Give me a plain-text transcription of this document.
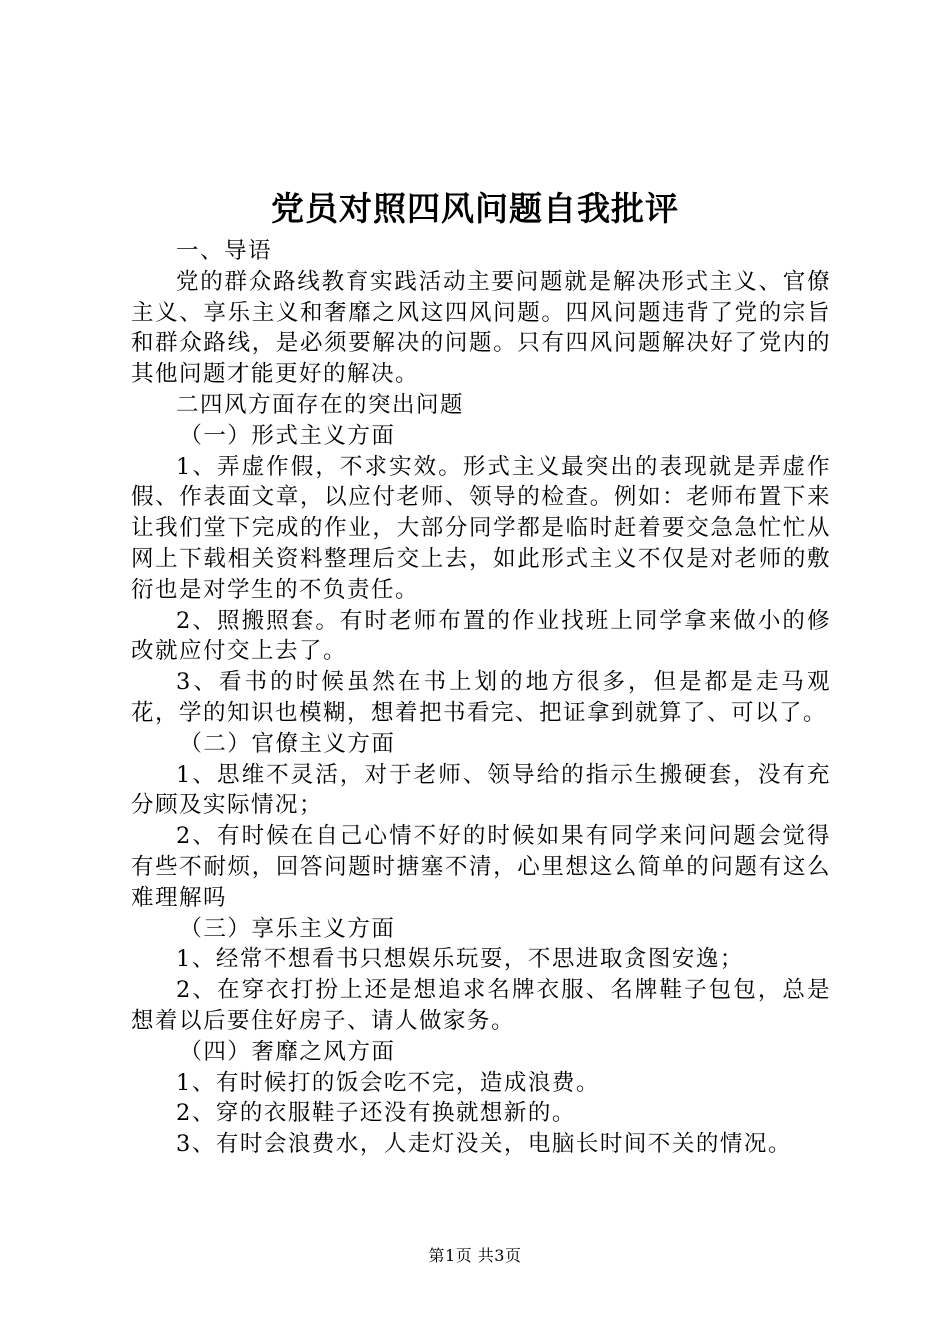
党员对照四风问题自我批评

一、导语

党的群众路线教育实践活动主要问题就是解决形式主义、官僚主义、享乐主义和奢靡之风这四风问题。四风问题违背了党的宗旨和群众路线，是必须要解决的问题。只有四风问题解决好了党内的其他问题才能更好的解决。

二四风方面存在的突出问题

（一）形式主义方面

1、弄虚作假，不求实效。形式主义最突出的表现就是弄虚作假、作表面文章，以应付老师、领导的检查。例如：老师布置下来让我们堂下完成的作业，大部分同学都是临时赶着要交急急忙忙从网上下载相关资料整理后交上去，如此形式主义不仅是对老师的敷衍也是对学生的不负责任。

2、照搬照套。有时老师布置的作业找班上同学拿来做小的修改就应付交上去了。

3、看书的时候虽然在书上划的地方很多，但是都是走马观花，学的知识也模糊，想着把书看完、把证拿到就算了、可以了。

（二）官僚主义方面

1、思维不灵活，对于老师、领导给的指示生搬硬套，没有充分顾及实际情况；

2、有时候在自己心情不好的时候如果有同学来问问题会觉得有些不耐烦，回答问题时搪塞不清，心里想这么简单的问题有这么难理解吗

（三）享乐主义方面

1、经常不想看书只想娱乐玩耍，不思进取贪图安逸；

2、在穿衣打扮上还是想追求名牌衣服、名牌鞋子包包，总是想着以后要住好房子、请人做家务。

（四）奢靡之风方面

1、有时候打的饭会吃不完，造成浪费。

2、穿的衣服鞋子还没有换就想新的。

3、有时会浪费水，人走灯没关，电脑长时间不关的情况。

第1页 共3页
